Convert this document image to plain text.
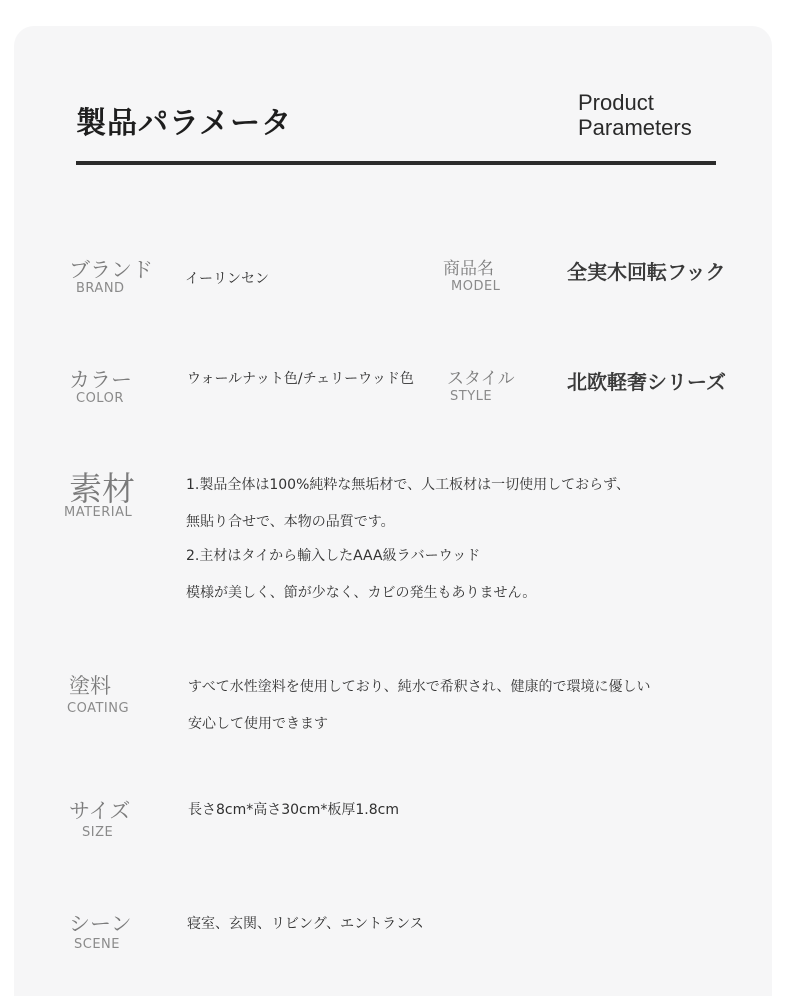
製品パラメータ
Product
Parameters
ブランド
BRAND
イーリンセン	商品名
MODEL
全実木回転フック
カラー
COLOR
ウォールナット色/チェリーウッド色 スタイル
STYLE
北欧軽奢シリーズ
素材
MATERIAL
1.製品全体は100%純粋な無垢材で、人工板材は一切使用しておらず、
無貼り合せで、本物の品質です。
2.主材はタイから輸入したAAA級ラバーウッド
模様が美しく、節が少なく、カビの発生もありません。
塗料
COATING
すべて水性塗料を使用しており、純水で希釈され、健康的で環境に優しい
安心して使用できます
サイズ
SIZE
長さ8cm*高さ30cm*板厚1.8cm
シーン
SCENE
寝室、玄関、リビング、エントランス
